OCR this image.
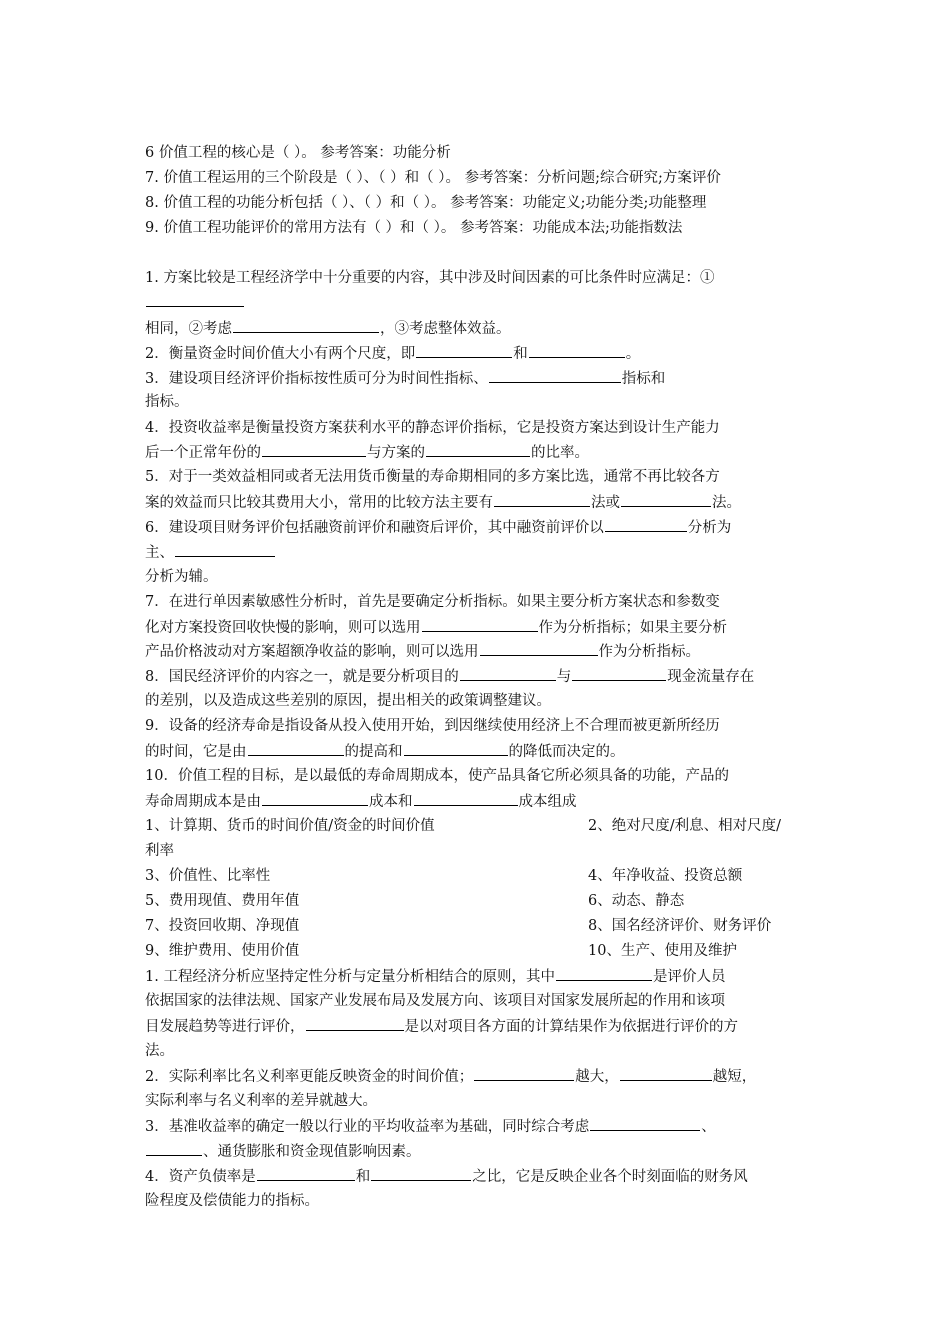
6 价值工程的核心是（ ）。 参考答案：功能分析
7. 价值工程运用的三个阶段是（ ）、（ ）和（ ）。 参考答案：分析问题;综合研究;方案评价
8. 价值工程的功能分析包括（ ）、（ ）和（ ）。 参考答案：功能定义;功能分类;功能整理
9. 价值工程功能评价的常用方法有（ ）和（ ）。 参考答案：功能成本法;功能指数法
1. 方案比较是工程经济学中十分重要的内容，其中涉及时间因素的可比条件时应满足：①
相同，②考虑	，③考虑整体效益。
2．衡量资金时间价值大小有两个尺度，即	和	。
3．建设项目经济评价指标按性质可分为时间性指标、	指标和
指标。
4．投资收益率是衡量投资方案获利水平的静态评价指标，它是投资方案达到设计生产能力
后一个正常年份的	与方案的	的比率。
5．对于一类效益相同或者无法用货币衡量的寿命期相同的多方案比选，通常不再比较各方
案的效益而只比较其费用大小，常用的比较方法主要有	法或	法。
6．建设项目财务评价包括融资前评价和融资后评价，其中融资前评价以	分析为
主、
分析为辅。
7．在进行单因素敏感性分析时，首先是要确定分析指标。如果主要分析方案状态和参数变
化对方案投资回收快慢的影响，则可以选用	作为分析指标；如果主要分析
产品价格波动对方案超额净收益的影响，则可以选用	作为分析指标。
8．国民经济评价的内容之一，就是要分析项目的	与	现金流量存在
的差别，以及造成这些差别的原因，提出相关的政策调整建议。
9．设备的经济寿命是指设备从投入使用开始，到因继续使用经济上不合理而被更新所经历
的时间，它是由	的提高和	的降低而决定的。
10．价值工程的目标，是以最低的寿命周期成本，使产品具备它所必须具备的功能，产品的
寿命周期成本是由	成本和	成本组成
1、计算期、货币的时间价值/资金的时间价值	2、绝对尺度/利息、相对尺度/
利率
3、价值性、比率性	4、年净收益、投资总额
5、费用现值、费用年值	6、动态、静态
7、投资回收期、净现值	8、国名经济评价、财务评价
9、维护费用、使用价值	10、生产、使用及维护
1. 工程经济分析应坚持定性分析与定量分析相结合的原则，其中	是评价人员
依据国家的法律法规、国家产业发展布局及发展方向、该项目对国家发展所起的作用和该项
目发展趋势等进行评价，	是以对项目各方面的计算结果作为依据进行评价的方
法。
2．实际利率比名义利率更能反映资金的时间价值；	越大，	越短，
实际利率与名义利率的差异就越大。
3．基准收益率的确定一般以行业的平均收益率为基础，同时综合考虑	、
、通货膨胀和资金现值影响因素。
4．资产负债率是	和	之比，它是反映企业各个时刻面临的财务风
险程度及偿债能力的指标。
